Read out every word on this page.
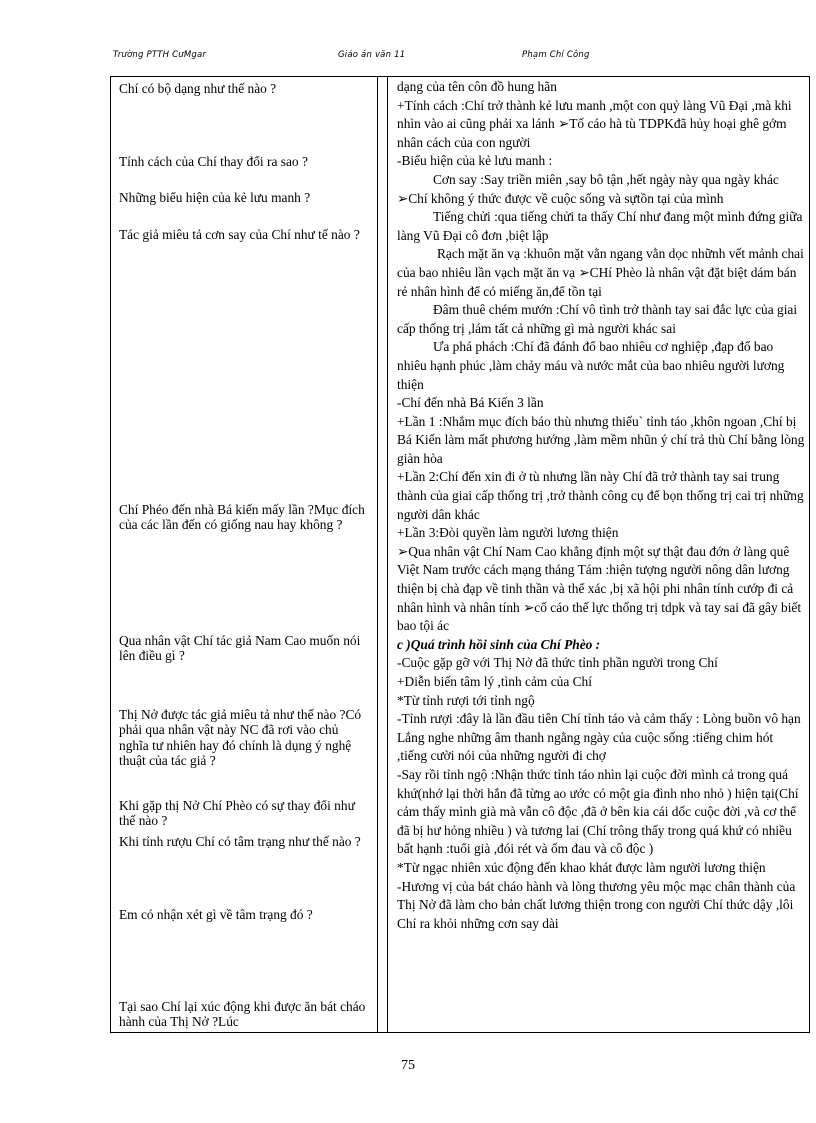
Trường PTTH CưMgar	Giáo án văn 11	Phạm Chí Công
Chí có bộ dạng như thế nào ?
Tính cách của Chí thay đổi ra sao ?
Những biểu hiện của kẻ lưu manh ?
Tác giả miêu tả cơn say của Chí như tế nào ?
Chí Phéo đến nhà Bá kiến mấy lần ?Mục đích của các lần đến có giống nau hay không ?
Qua nhân vật Chí tác giả Nam Cao muốn nói lên điều gì ?
Thị Nở được tác giả miêu tả như thế nào ?Có phải qua nhân vật này NC đã rơi vào chủ nghĩa tư nhiên hay đó chính là dụng ý nghệ thuật của tác giả ?
Khi gặp thị Nở Chí Phèo có sự thay đổi như thế nào ?
Khi tỉnh rượu Chí có tâm trạng như thế nào ?
Em có nhận xét gì về tâm trạng đó ?
Tại sao Chí lại xúc động khi được ăn bát cháo hành của Thị Nở ?Lúc

dạng của tên côn đồ hung hãn

+Tính cách :Chí trở thành kẻ lưu manh ,một con quỷ làng Vũ Đại ,mà khi nhìn vào ai cũng phải xa lánh ➢Tố cáo hà tù TDPKđã hủy hoại ghê gớm nhân cách của con người

-Biểu hiện của kẻ lưu manh :

Cơn say :Say triền miên ,say bô tận ,hết ngày này qua ngày khác ➢Chí không ý thức được về cuộc sống và sựtồn tại của mình

Tiếng chửi :qua tiếng chửi ta thấy Chí như đang một mình đứng giữa làng Vũ Đại cô đơn ,biệt lập

Rạch mặt ăn vạ :khuôn mặt vằn ngang vằn dọc nhữnh vết mảnh chai của bao nhiêu lần vạch mặt ăn vạ ➢CHí Phèo là nhân vật đặt biệt dám bán rẻ nhân hình để có miếng ăn,để tồn tại

Đâm thuê chém mướn :Chí vô tình trở thành tay sai đắc lực của giai cấp thống trị ,lám tất cả những gì mà người khác sai

Ưa phá phách :Chí đã đánh đổ bao nhiêu cơ nghiệp ,đạp đổ bao nhiêu hạnh phúc ,làm chảy máu và nước mắt của bao nhiêu người lương thiện

-Chí đến nhà Bá Kiến 3 lần

+Lần 1 :Nhắm mục đích báo thù nhưng thiếu` tỉnh táo ,khôn ngoan ,Chí bị Bá Kiến làm mất phương hướng ,làm mềm nhũn ý chí trả thù Chí bằng lòng giàn hòa

+Lần 2:Chí đến xin đi ở tù nhưng lần này Chí đã trở thành tay sai trung thành của giai cấp thống trị ,trở thành công cụ để bọn thống trị cai trị những người dân khác

+Lần 3:Đòi quyền làm người lương thiện

➢Qua nhân vật Chí Nam Cao khẳng định một sự thật đau đớn ở làng quê Việt Nam trước cách mạng tháng Tám :hiện tượng người nông dân lương thiện bị chà đạp về tinh thần và thể xác ,bị xã hội phi nhân tính cướp đi cả nhân hình và nhân tính ➢cố cáo thế lực thống trị tdpk và tay sai đã gây biết bao tội ác

c )Quá trình hồi sinh của Chí Phèo :

-Cuộc gặp gỡ với Thị Nở đã thức tỉnh phần người trong Chí

+Diễn biến tâm lý ,tình cảm của Chí

*Từ tỉnh rượi tới tỉnh ngộ

-Tỉnh rượi :đây là lần đầu tiên Chí tỉnh táo và cảm thấy : Lòng buồn vô hạn

Lắng nghe những âm thanh ngằng ngày của cuộc sống :tiếng chim hót ,tiếng cười nói của những người đi chợ

-Say rồi tỉnh ngộ :Nhận thức tỉnh táo nhìn lại cuộc đời mình cả trong quá khứ(nhớ lại thời hắn đã từng ao ước có một gia đình nho nhỏ ) hiện tại(Chí cảm thấy mình già mà vẫn cô độc ,đã ở bên kia cái dốc cuộc đời ,và cơ thể đã bị hư hỏng nhiều ) và tương lai (Chí trông thấy trong quá khứ có nhiều bất hạnh :tuổi già ,đói rét và ốm đau và cô độc )

*Từ ngạc nhiên xúc động đến khao khát được làm người lương thiện

-Hương vị của bát cháo hành và lòng thương yêu mộc mạc chân thành của Thị Nở đã làm cho bản chất lương thiện trong con người Chí thức dậy ,lôi Chí ra khỏi những cơn say dài

75
